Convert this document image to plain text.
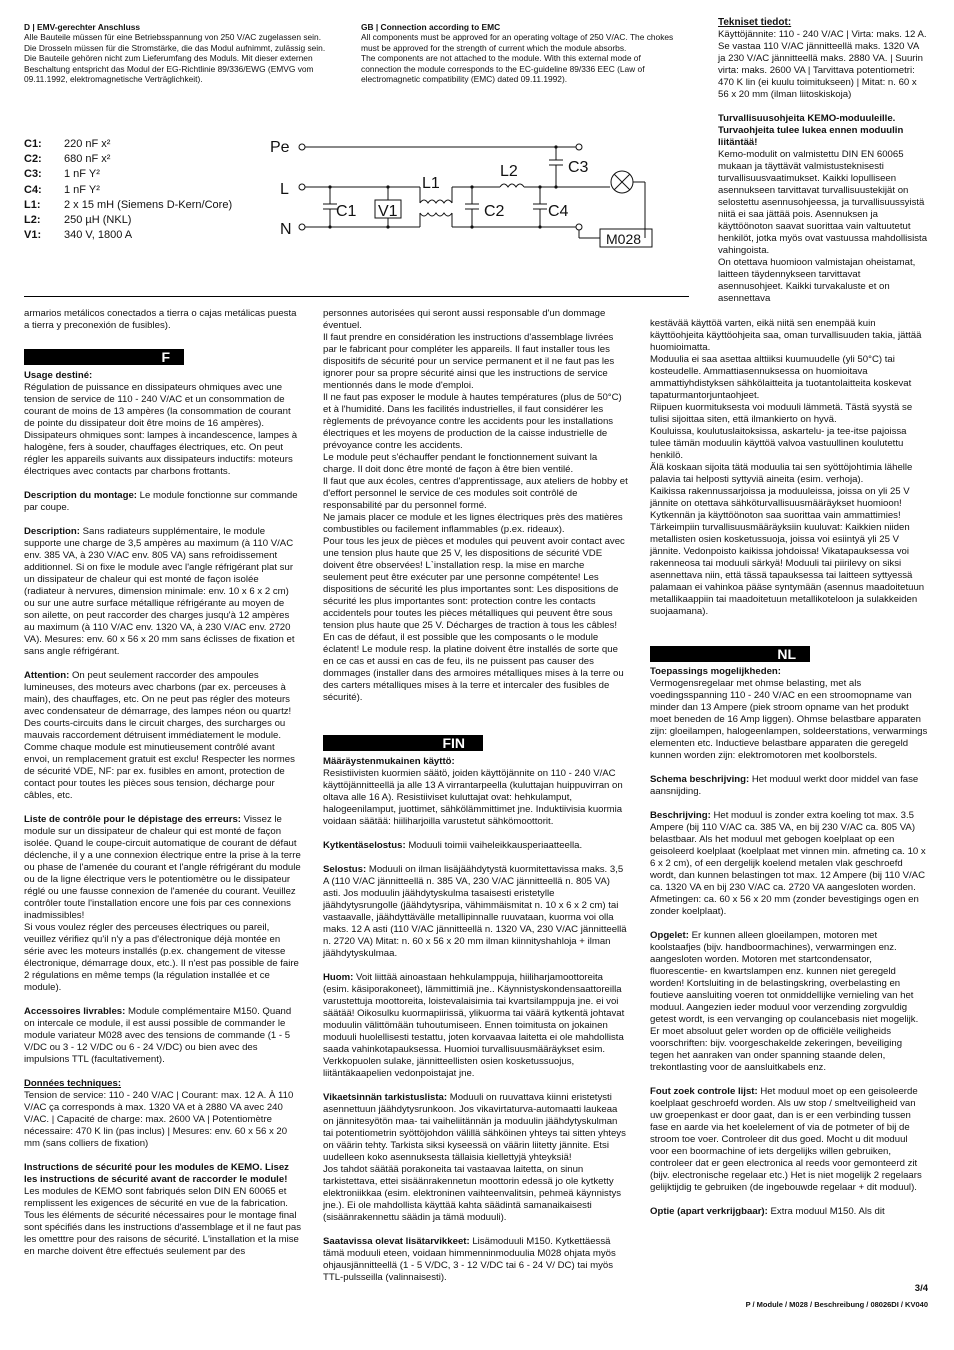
D | EMV-gerechter Anschluss
Alle Bauteile müssen für eine Betriebsspannung von 250 V/AC zugelassen sein. Die Drosseln müssen für die Stromstärke, die das Modul aufnimmt, zulässig sein.
Die Bauteile gehören nicht zum Lieferumfang des Moduls. Mit dieser externen Beschaltung entspricht das Modul der EG-Richtlinie 89/336/EWG (EMVG vom 09.11.1992, elektromagnetische Verträglichkeit).
GB | Connection according to EMC
All components must be approved for an operating voltage of 250 V/AC. The chokes must be approved for the strength of current which the module absorbs.
The components are not attached to the module. With this external mode of connection the module corresponds to the EC-guideline 89/336 EEC (Law of electromagnetic compatibility (EMC) dated 09.11.1992).
C1: 220 nF x²
C2: 680 nF x²
C3: 1 nF Y²
C4: 1 nF Y²
L1: 2 x 15 mH (Siemens D-Kern/Core)
L2: 250 µH (NKL)
V1: 340 V, 1800 A
Pe
L
N
C1 V1
L1
L2
C2
C3
C4
M028
Tekniset tiedot:

Käyttöjännite: 110 - 240 V/AC | Virta: maks. 12 A. Se vastaa 110 V/AC jännitteellä maks. 1320 VA ja 230 V/AC jännitteellä maks. 2880 VA. | Suurin virta: maks. 2600 VA | Tarvittava potentiometri: 470 K lin (ei kuulu toimitukseen) | Mitat: n. 60 x 56 x 20 mm (ilman liitoskiskoja)

Turvallisuusohjeita KEMO-moduuleille. Turvaohjeita tulee lukea ennen moduulin liitäntää!
Kemo-modulit on valmistettu DIN EN 60065 mukaan ja täyttävät valmistusteknisesti turvallisuusvaatimukset. Kaikki lopulliseen asennukseen tarvittavat turvallisuustekijät on selostettu asennusohjeessa, ja turvallisuussyistä niitä ei saa jättää pois. Asennuksen ja käyttöönoton saavat suorittaa vain valtuutetut henkilöt, jotka myös ovat vastuussa mahdollisista vahingoista.
On otettava huomioon valmistajan oheistamat, laitteen täydennykseen tarvittavat asennusohjeet. Kaikki turvakaluste et on asennettava
kestävää käyttöä varten, eikä niitä sen enempää kuin käyttöohjeita käyttöohjeita saa, oman turvallisuuden takia, jättää huomioimatta.
Moduulia ei saa asettaa alttiiksi kuumuudelle (yli 50°C) tai kosteudelle. Ammattiasennuksessa on huomioitava ammattiyhdistyksen sähkölaitteita ja tuotantolaitteita koskevat tapaturmantorjuntaohjeet.
Riipuen kuormituksesta voi moduuli lämmetä. Tästä syystä se tulisi sijoittaa siten, että ilmankierto on hyvä.
Kouluissa, koulutuslaitoksissa, askartelu- ja tee-itse pajoissa tulee tämän moduulin käyttöä valvoa vastuullinen koulutettu henkilö.
Älä koskaan sijoita tätä moduulia tai sen syöttöjohtimia lähelle palavia tai helposti syttyviä aineita (esim. verhoja).
Kaikissa rakennussarjoissa ja moduuleissa, joissa on yli 25 V jännite on otettava sähköturvallisuusmääräykset huomioon! Kytkennän ja käyttöönoton saa suorittaa vain ammattimies! Tärkeimpiin turvallisuusmääräyksiin kuuluvat: Kaikkien niiden metallisten osien kosketussuoja, joissa voi esiintyä yli 25 V jännite. Vedonpoisto kaikissa johdoissa! Vikatapauksessa voi rakenneosa tai moduuli särkyä! Moduuli tai piirilevy on siksi asennettava niin, että tässä tapauksessa tai laitteen syttyessä palamaan ei vahinkoa pääse syntymään (asennus maadoitetuun metallikaappiin tai maadoitetuun metallikoteloon ja sulakkeiden suojaamana).
NL
Toepassings mogelijkheden:

Vermogensregelaar met ohmse belasting, met als voedingsspanning 110 - 240 V/AC en een stroomopname van minder dan 13 Ampere (piek stroom opname van het produkt moet beneden de 16 Amp liggen). Ohmse belastbare apparaten zijn: gloeilampen, halogeenlampen, soldeerstations, verwarmings elementen etc. Inductieve belastbare apparaten die geregeld kunnen worden zijn: elektromotoren met koolborstels.

Schema beschrijving: Het moduul werkt door middel van fase aansnijding.

Beschrijving: Het moduul is zonder extra koeling tot max. 3.5 Ampere (bij 110 V/AC ca. 385 VA, en bij 230 V/AC ca. 805 VA) belastbaar. Als het moduul met gebogen koelplaat op een geisoleerd koelplaat (koelplaat met vinnen min. afmeting ca. 10 x 6 x 2 cm), of een dergelijk koelend metalen vlak geschroefd wordt, dan kunnen belastingen tot max. 12 Ampere (bij 110 V/AC ca. 1320 VA en bij 230 V/AC ca. 2720 VA aangesloten worden. Afmetingen: ca. 60 x 56 x 20 mm (zonder bevestigings ogen en zonder koelplaat).

Opgelet: Er kunnen alleen gloeilampen, motoren met koolstaafjes (bijv. handboormachines), verwarmingen enz. aangesloten worden. Motoren met startcondensator, fluorescentie- en kwartslampen enz. kunnen niet geregeld worden! Kortsluiting in de belastingskring, overbelasting en foutieve aansluiting voeren tot onmiddellijke vernieling van het moduul. Aangezien ieder moduul voor verzending zorgvuldig getest wordt, is een vervanging op coulancebasis niet mogelijk. Er moet absoluut geleт worden op de officiële veiligheids voorschriften: bijv. voorgeschakelde zekeringen, beveiliging tegen het aanraken van onder spanning staande delen, trekontlasting voor de aansluitkabels enz.

Fout zoek controle lijst: Het moduul moet op een geisoleerde koelplaat geschroefd worden. Als uw stop / smeltveiligheid van uw groepenkast er door gaat, dan is er een verbinding tussen fase en aarde via het koelelement of via de potmeter of bij de stroom toe voer. Controleer dit dus goed. Mocht u dit moduul voor een boormachine of iets dergelijks willen gebruiken, controleer dat er geen electronica al reeds voor gemonteerd zit (bijv. electronische regelaar etc.) Het is niet mogelijk 2 regelaars gelijktijdig te gebruiken (de ingebouwde regelaar + dit moduul).

Optie (apart verkrijgbaar): Extra moduul M150. Als dit

armarios metálicos conectados a tierra o cajas metálicas puesta a tierra y preconexión de fusibles).
F
Usage destiné:

Régulation de puissance en dissipateurs ohmiques avec une tension de service de 110 - 240 V/AC et un consommation de courant de moins de 13 ampères (la consommation de courant de pointe du dissipateur doit être moins de 16 ampères). Dissipateurs ohmiques sont: lampes à incandescence, lampes à halogène, fers à souder, chauffages électriques, etc. On peut régler les appareils suivants aux dissipateurs inductifs: moteurs électriques avec contacts par charbons frottants.

Description du montage: Le module fonctionne sur commande par coupe.

Description: Sans radiateurs supplémentaire, le module supporte une charge de 3,5 ampères au maximum (à 110 V/AC env. 385 VA, à 230 V/AC env. 805 VA) sans refroidissement additionnel. Si on fixe le module avec l'angle réfrigérant plat sur un dissipateur de chaleur qui est monté de façon isolée (radiateur à nervures, dimension minimale: env. 10 x 6 x 2 cm) ou sur une autre surface métallique réfrigérante au moyen de son ailette, on peut raccorder des charges jusqu'à 12 ampères au maximum (à 110 V/AC env. 1320 VA, à 230 V/AC env. 2720 VA). Mesures: env. 60 x 56 x 20 mm sans éclisses de fixation et sans angle réfrigérant.

Attention: On peut seulement raccorder des ampoules lumineuses, des moteurs avec charbons (par ex. perceuses à main), des chauffages, etc. On ne peut pas régler des moteurs avec condensateur de démarrage, des lampes néon ou quartz! Des courts-circuits dans le circuit charges, des surcharges ou mauvais raccordement détruisent immédiatement le module. Comme chaque module est minutieusement contrôlé avant envoi, un remplacement gratuit est exclu! Respecter les normes de sécurité VDE, NF: par ex. fusibles en amont, protection de contact pour toutes les pièces sous tension, décharge pour câbles, etc.

Liste de contrôle pour le dépistage des erreurs: Vissez le module sur un dissipateur de chaleur qui est monté de façon isolée. Quand le coupe-circuit automatique de courant de défaut déclenche, il y a une connexion électrique entre la prise à la terre ou phase de l'amenée du courant et l'angle réfrigérant du module ou de la ligne électrique vers le potentiomètre ou le dissipateur réglé ou une fausse connexion de l'amenée du courant. Veuillez contrôler toute l'installation encore une fois par ces connexions inadmissibles!

Si vous voulez régler des perceuses électriques ou pareil, veuillez vérifiez qu'il n'y a pas d'électronique déjà montée en série avec les moteurs installés (p.ex. changement de vitesse électronique, démarrage doux, etc.). Il n'est pas possible de faire 2 régulations en même temps (la régulation installée et ce module).

Accessoires livrables: Module complémentaire M150. Quand on intercale ce module, il est aussi possible de commander le module variateur M028 avec des tensions de commande (1 - 5 V/DC ou 3 - 12 V/DC ou 6 - 24 V/DC) ou bien avec des impulsions TTL (facultativement).

Données techniques:

Tension de service: 110 - 240 V/AC | Courant: max. 12 A. À 110 V/AC ça corresponds à max. 1320 VA et à 2880 VA avec 240 V/AC. | Capacité de charge: max. 2600 VA | Potentiomètre nécessaire: 470 K lin (pas inclus) | Mesures: env. 60 x 56 x 20 mm (sans colliers de fixation)

Instructions de sécurité pour les modules de KEMO. Lisez les instructions de sécurité avant de raccorder le module!
Les modules de KEMO sont fabriqués selon DIN EN 60065 et remplissent les exigences de sécurité en vue de la fabrication. Tous les éléments de sécurité nécessaires pour le montage final sont spécifiés dans les instructions d'assemblage et il ne faut pas les ometttre pour des raisons de sécurité. L'installation et la mise en marche doivent être effectués seulement par des
personnes autorisées qui seront aussi responsable d'un dommage éventuel.
Il faut prendre en considération les instructions d'assemblage livrées par le fabricant pour compléter les appareils. Il faut installer tous les dispositifs de sécurité pour un service permanent et il ne faut pas les ignorer pour sa propre sécurité ainsi que les instructions de service mentionnés dans le mode d'emploi.
Il ne faut pas exposer le module à hautes températures (plus de 50°C) et à l'humidité. Dans les facilités industrielles, il faut considérer les règlements de prévoyance contre les accidents pour les installations électriques et les moyens de production de la caisse industrielle de prévoyance contre les accidents.
Le module peut s'échauffer pendant le fonctionnement suivant la charge. Il doit donc être monté de façon à être bien ventilé.
Il faut que aux écoles, centres d'apprentissage, aux ateliers de hobby et d'effort personnel le service de ces modules soit contrôlé de responsabilité par du personnel formé.
Ne jamais placer ce module et les lignes électriques près des matières combustibles ou facilement inflammables (p.ex. rideaux).
Pour tous les jeux de pièces et modules qui peuvent avoir contact avec une tension plus haute que 25 V, les dispositions de sécurité VDE doivent être observées! L`installation resp. la mise en marche seulement peut être exécuter par une personne compétente! Les dispositions de sécurité les plus importantes sont: Les dispositions de sécurité les plus importantes sont: protection contre les contacts accidentels pour toutes les pièces métalliques qui peuvent être sous tension plus haute que 25 V. Décharges de traction à tous les câbles! En cas de défaut, il est possible que les composants o le module éclatent! Le module resp. la platine doivent être installés de sorte que en ce cas et aussi en cas de feu, ils ne puissent pas causer des dommages (installer dans des armoires métalliques mises à la terre ou des carters métalliques mises à la terre et intercaler des fusibles de sécurité).
FIN
Määräystenmukainen käyttö:

Resistiivisten kuormien säätö, joiden käyttöjännite on 110 - 240 V/AC käyttöjännitteellä ja alle 13 A virrantarpeella (kuluttajan huippuvirran on oltava alle 16 A). Resistiiviset kuluttajat ovat: hehkulamput, halogeenilamput, juottimet, sähkölämmittimet jne. Induktiivisia kuormia voidaan säätää: hiiliharjoilla varustetut sähkömoottorit.

Kytkentäselostus: Moduuli toimii vaiheleikkausperiaatteella.

Selostus: Moduuli on ilman lisäjäähdytystä kuormitettavissa maks. 3,5 A (110 V/AC jännitteellä n. 385 VA, 230 V/AC jännitteellä n. 805 VA) asti. Jos moduulin jäähdytyskulma tasaisesti eristetylle jäähdytysrungolle (jäähdytysripa, vähimmäismitat n. 10 x 6 x 2 cm) tai vastaavalle, jäähdyttävälle metallipinnalle ruuvataan, kuorma voi olla maks. 12 A asti (110 V/AC jännitteellä n. 1320 VA, 230 V/AC jännitteellä n. 2720 VA) Mitat: n. 60 x 56 x 20 mm ilman kiinnityshahloja + ilman jäähdytyskulmaa.

Huom: Voit liittää ainoastaan hehkulamppuja, hiiliharjamoottoreita (esim. käsiporakoneet), lämmittimiä jne.. Käynnistyskondensaattoreilla varustettuja moottoreita, loistevalaisimia tai kvartsilamppuja jne. ei voi säätää! Oikosulku kuormapiirissä, ylikuorma tai väärä kytkentä johtavat moduulin välittömään tuhoutumiseen. Ennen toimitusta on jokainen moduuli huolellisesti testattu, joten korvaavaa laitetta ei ole mahdollista saada vahinkotapauksessa. Huomioi turvallisuusmääräykset esim. Verkkopuolen sulake, jännitteellisten osien kosketussuojus, liitäntäkaapelien vedonpoistajat jne.

Vikaetsinnän tarkistuslista: Moduuli on ruuvattava kiinni eristetysti asennettuun jäähdytysrunkoon. Jos vikavirtaturva-automaatti laukeaa on jännitesyötön maa- tai vaiheliitännän ja moduulin jäähdytyskulman tai potentiometrin syöttöjohdon välillä sähköinen yhteys tai sitten yhteys on väärin tehty. Tarkista siksi kyseessä on väärin liitetty jännite. Etsi uudelleen koko asennuksesta tällaisia kiellettyjä yhteyksiä!

Jos tahdot säätää porakoneita tai vastaavaa laitetta, on sinun tarkistettava, ettei sisäänrakennetun moottorin edessä jo ole kytketty elektroniikkaa (esim. elektroninen vaihteenvalitsin, pehmeä käynnistys jne.). Ei ole mahdollista käyttää kahta säädintä samanaikaisesti (sisäänrakennettu säädin ja tämä moduuli).

Saatavissa olevat lisätarvikkeet: Lisämoduuli M150. Kytkettäessä tämä moduuli eteen, voidaan himmenninmoduulia M028 ohjata myös ohjausjännitteellä (1 - 5 V/DC, 3 - 12 V/DC tai 6 - 24 V/ DC) tai myös TTL-pulsseilla (valinnaisesti).
3/4
P / Module / M028 / Beschreibung / 08026DI / KV040
